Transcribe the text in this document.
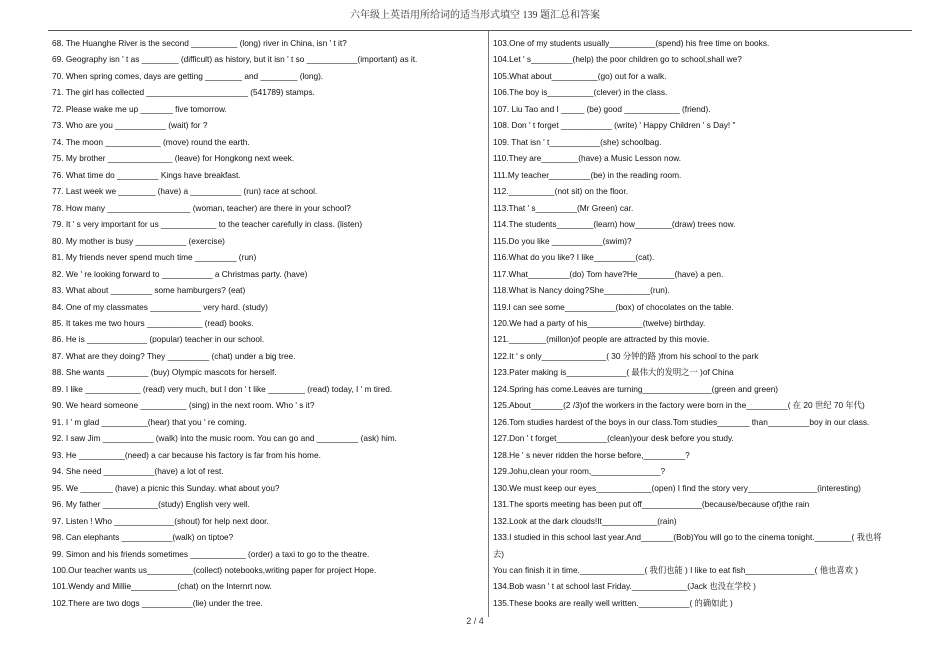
六年级上英语用所给词的适当形式填空 139 题汇总和答案
68. The Huanghe River is the second __________ (long) river in China, isn ' t it?
69. Geography isn ' t as ________ (difficult) as history, but it isn ' t so ___________(important) as it.
70. When spring comes, days are getting ________ and ________ (long).
71. The girl has collected ______________________ (541789) stamps.
72. Please wake me up _______ five tomorrow.
73. Who are you ___________ (wait) for ?
74. The moon ____________ (move) round the earth.
75. My brother ______________ (leave) for Hongkong next week.
76. What time do _________ Kings have breakfast.
77. Last week we ________ (have) a ___________ (run) race at school.
78. How many __________________ (woman, teacher) are there in your school?
79. It ' s very important for us ____________ to the teacher carefully in class. (listen)
80. My mother is busy ___________ (exercise)
81. My friends never spend much time _________ (run)
82. We ' re looking forward to ___________ a Christmas party. (have)
83. What about _________ some hamburgers? (eat)
84. One of my classmates ___________ very hard. (study)
85. It takes me two hours ____________ (read) books.
86. He is _____________ (popular) teacher in our school.
87. What are they doing? They _________ (chat) under a big tree.
88. She wants _________ (buy) Olympic mascots for herself.
89. I like ____________ (read) very much, but I don ' t like ________ (read) today, I ' m tired.
90. We heard someone __________ (sing) in the next room. Who ' s it?
91. I ' m glad __________(hear) that you ' re coming.
92. I saw Jim ___________ (walk) into the music room. You can go and _________ (ask) him.
93. He __________(need) a car because his factory is far from his home.
94. She need ___________(have) a lot of rest.
95. We _______ (have) a picnic this Sunday. what about you?
96. My father ____________(study) English very well.
97. Listen ! Who _____________(shout) for help next door.
98. Can elephants ___________(walk) on tiptoe?
99. Simon and his friends sometimes ____________ (order) a taxi to go to the theatre.
100.Our teacher wants us__________(collect) notebooks,writing paper for project Hope.
101.Wendy and Millie__________(chat) on the Internrt now.
102.There are two dogs ___________(lie) under the tree.
103.One of my students usually__________(spend) his free time on books.
104.Let ' s_________(help) the poor children go to school,shall we?
105.What about__________(go) out for a walk.
106.The boy is__________(clever) in the class.
107. Liu Tao and I _____ (be) good ____________ (friend).
108. Don ' t forget ___________ (write) ' Happy Children ' s Day! "
109. That isn ' t___________(she) schoolbag.
110.They are________(have) a Music Lesson now.
111.My teacher_________(be) in the reading room.
112.__________(not sit) on the floor.
113.That ' s_________(Mr Green) car.
114.The students________(learn) how________(draw) trees now.
115.Do you like ___________(swim)?
116.What do you like? I like_________(cat).
117.What_________(do) Tom have?He________(have) a pen.
118.What is Nancy doing?She__________(run).
119.I can see some___________(box) of chocolates on the table.
120.We had a party of his____________(twelve) birthday.
121.________(millon)of people are attracted by this movie.
122.It ' s only______________( 30 分钟的路 )from his school to the park
123.Pater making is_____________( 最伟大的发明之一 )of China
124.Spring has come.Leaves are turning_______________(green and green)
125.About_______(2 /3)of the workers in the factory were born in the_________( 在 20 世纪 70 年代)
126.Tom studies hardest of the boys in our class.Tom studies_______ than_________boy in our class.
127.Don ' t forget___________(clean)your desk before you study.
128.He ' s never ridden the horse before,_________?
129.Johu,clean your room,_______________?
130.We must keep our eyes____________(open) I find the story very_______________(interesting)
131.The sports meeting has been put off_____________(because/because of)the rain
132.Look at the dark clouds!It____________(rain)
133.I studied in this school last year.And_______(Bob)You will go to the cinema tonight.________( 我也将
去)
You can finish it in time.______________( 我们也能 ) I like to eat fish_______________( 他也喜欢 )
134.Bob wasn ' t at school last Friday.____________(Jack 也没在学校 )
135.These books are really well written.___________( 的确如此 )
2 / 4
